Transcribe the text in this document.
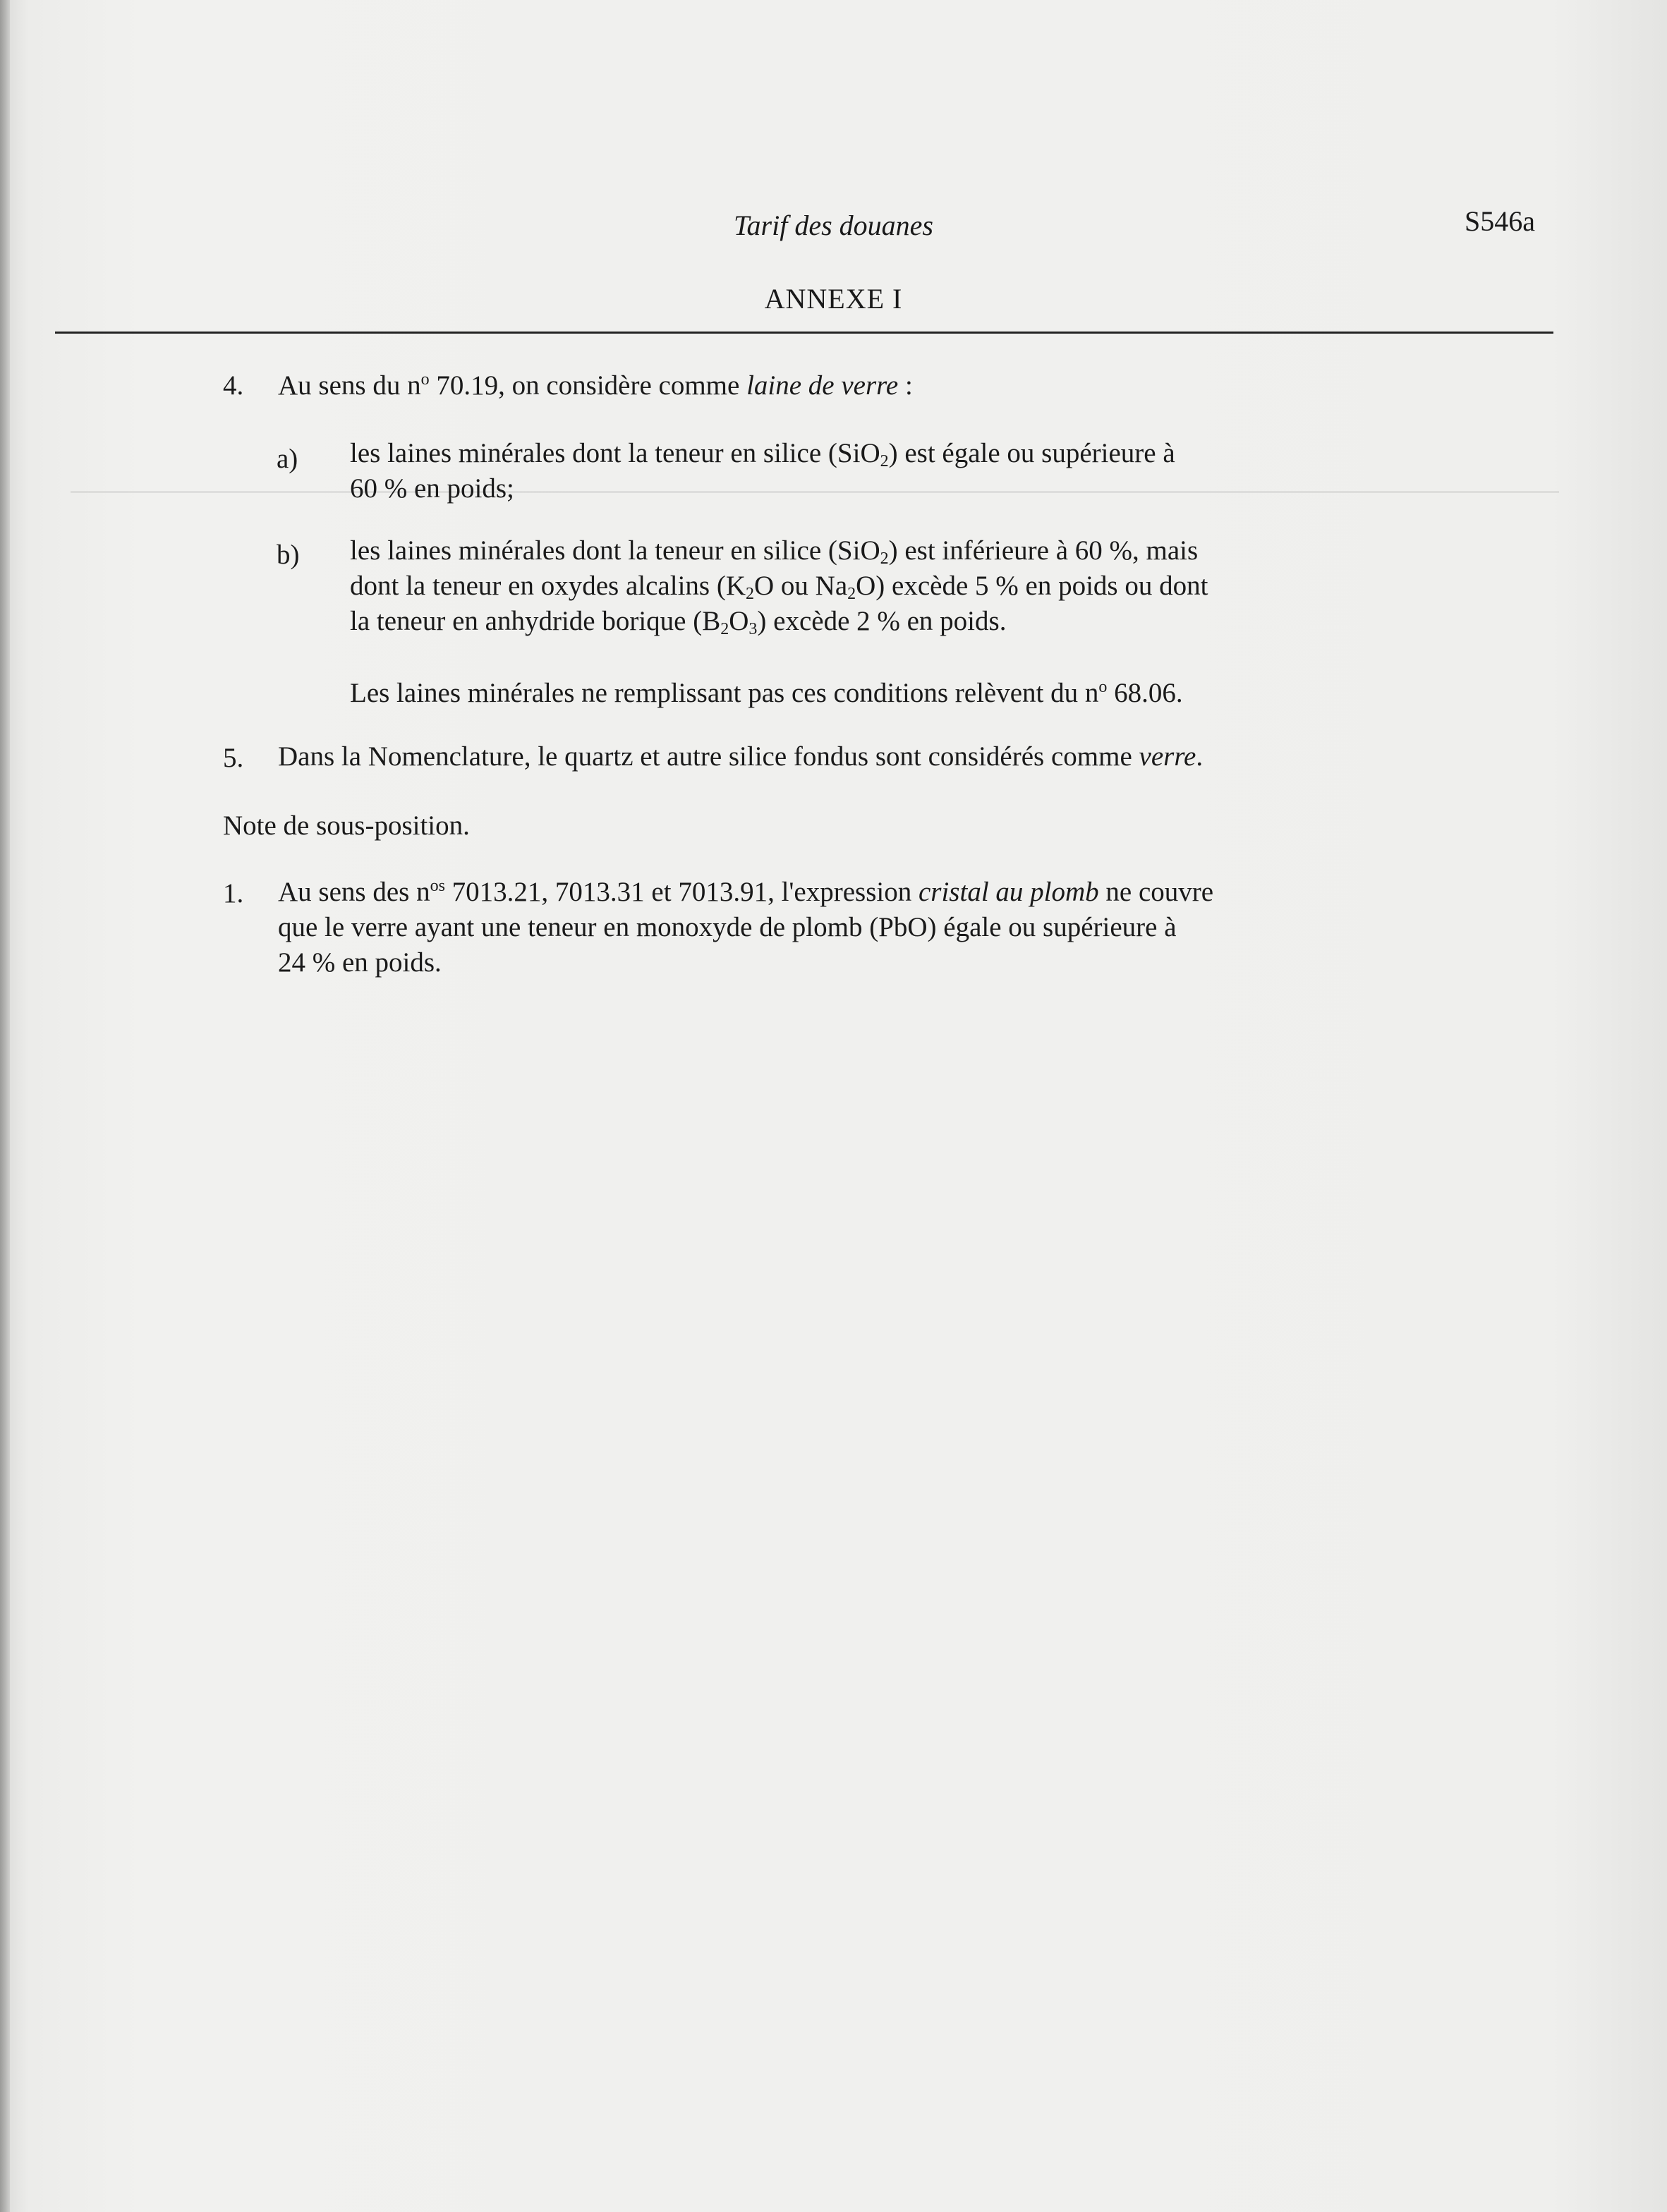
Tarif des douanes	S546a
ANNEXE I
4. Au sens du $n^o$ 70.19, on considère comme laine de verre :
a) les laines minérales dont la teneur en silice (SiO$_2$) est égale ou supérieure à
60 % en poids;
b) les laines minérales dont la teneur en silice (SiO$_2$) est inférieure à 60 %, mais
dont la teneur en oxydes alcalins ($K_2O$ ou $Na_2O$) excède 5 % en poids ou dont
la teneur en anhydride borique $(B_2O_3)$ excède 2 % en poids.
Les laines minérales ne remplissant pas ces conditions relèvent du $n^o$ 68.06.
5. Dans la Nomenclature, le quartz et autre silice fondus sont considérés comme verre.
Note de sous-position.
1. Au sens des $n^{os}$ 7013.21, 7013.31 et 7013.91, l'expression cristal au plomb ne couvre
que le verre ayant une teneur en monoxyde de plomb (PbO) égale ou supérieure à
24 % en poids.
